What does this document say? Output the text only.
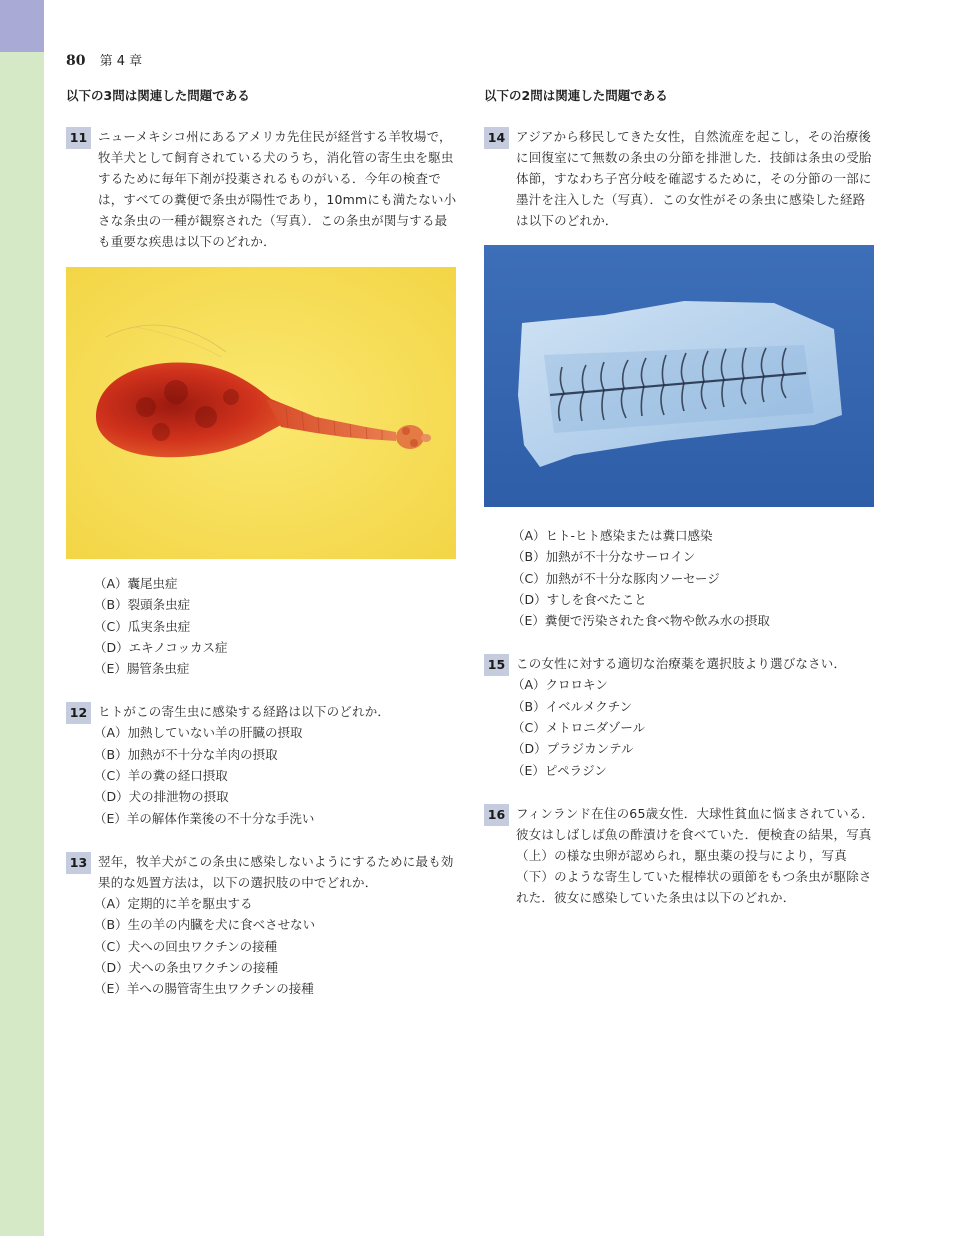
80 第 4 章
以下の3問は関連した問題である
11 ニューメキシコ州にあるアメリカ先住民が経営する羊牧場で，牧羊犬として飼育されている犬のうち，消化管の寄生虫を駆虫するために毎年下剤が投薬されるものがいる．今年の検査では，すべての糞便で条虫が陽性であり，10mmにも満たない小さな条虫の一種が観察された（写真）．この条虫が関与する最も重要な疾患は以下のどれか．

（A）囊尾虫症
（B）裂頭条虫症
（C）瓜実条虫症
（D）エキノコッカス症
（E）腸管条虫症
12 ヒトがこの寄生虫に感染する経路は以下のどれか．

（A）加熱していない羊の肝臓の摂取
（B）加熱が不十分な羊肉の摂取
（C）羊の糞の経口摂取
（D）犬の排泄物の摂取
（E）羊の解体作業後の不十分な手洗い
13 翌年，牧羊犬がこの条虫に感染しないようにするために最も効果的な処置方法は，以下の選択肢の中でどれか．

（A）定期的に羊を駆虫する
（B）生の羊の内臓を犬に食べさせない
（C）犬への回虫ワクチンの接種
（D）犬への条虫ワクチンの接種
（E）羊への腸管寄生虫ワクチンの接種
以下の2問は関連した問題である
14 アジアから移民してきた女性，自然流産を起こし，その治療後に回復室にて無数の条虫の分節を排泄した．技師は条虫の受胎体節，すなわち子宮分岐を確認するために，その分節の一部に墨汁を注入した（写真）．この女性がその条虫に感染した経路は以下のどれか．

（A）ヒト‐ヒト感染または糞口感染
（B）加熱が不十分なサーロイン
（C）加熱が不十分な豚肉ソーセージ
（D）すしを食べたこと
（E）糞便で汚染された食べ物や飲み水の摂取
15 この女性に対する適切な治療薬を選択肢より選びなさい．

（A）クロロキン
（B）イベルメクチン
（C）メトロニダゾール
（D）プラジカンテル
（E）ピペラジン
16 フィンランド在住の65歳女性．大球性貧血に悩まされている．彼女はしばしば魚の酢漬けを食べていた．便検査の結果，写真（上）の様な虫卵が認められ，駆虫薬の投与により，写真（下）のような寄生していた棍棒状の頭節をもつ条虫が駆除された．彼女に感染していた条虫は以下のどれか．
